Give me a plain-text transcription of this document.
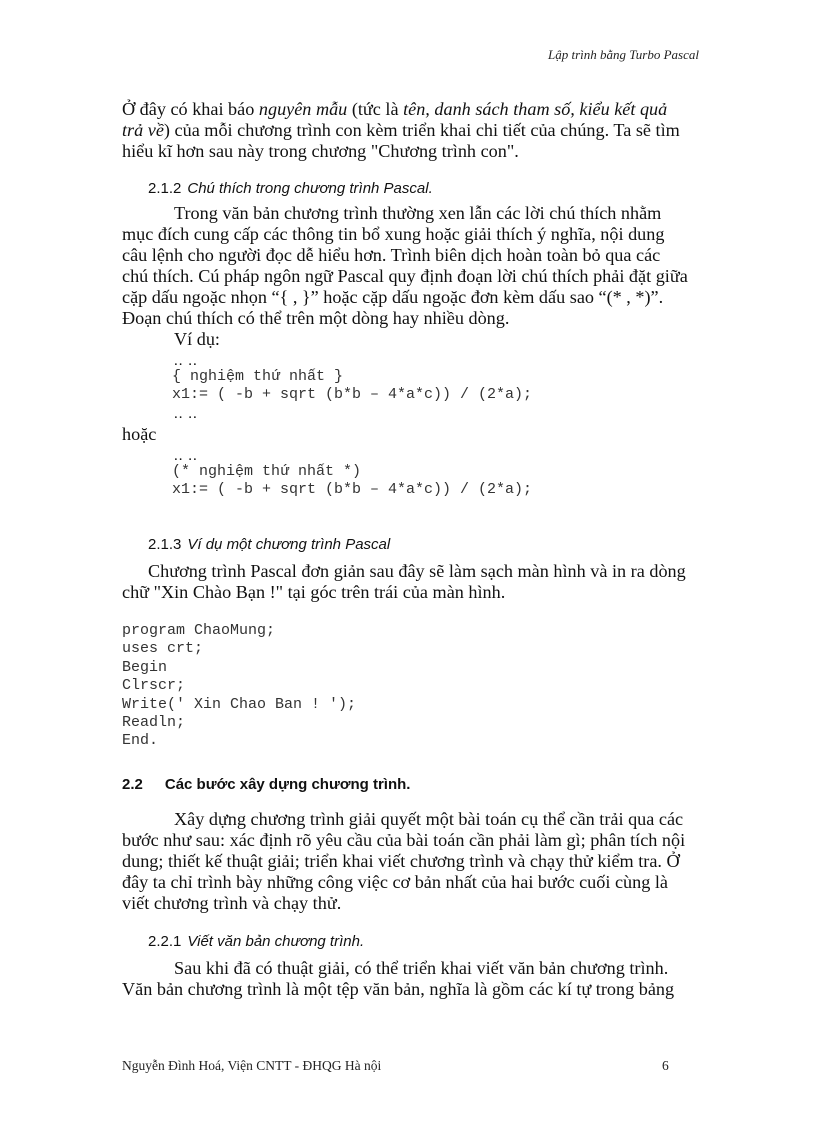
Lập trình bằng Turbo Pascal
Ở đây có khai báo nguyên mẫu (tức là tên, danh sách tham số, kiểu kết quả
trả về) của mỗi chương trình con kèm triển khai chi tiết của chúng. Ta sẽ tìm
hiểu kĩ hơn sau này trong chương "Chương trình con".
2.1.2 Chú thích trong chương trình Pascal.
Trong văn bản chương trình thường xen lẫn các lời chú thích nhằm
mục đích cung cấp các thông tin bổ xung hoặc giải thích ý nghĩa, nội dung
câu lệnh cho người đọc dễ hiểu hơn. Trình biên dịch hoàn toàn bỏ qua các
chú thích. Cú pháp ngôn ngữ Pascal quy định đoạn lời chú thích phải đặt giữa
cặp dấu ngoặc nhọn “{ , }” hoặc cặp dấu ngoặc đơn kèm dấu sao “(* , *)”.
Đoạn chú thích có thể trên một dòng hay nhiều dòng.
Ví dụ:
.. ..
{ nghiệm thứ nhất }
x1:= ( -b + sqrt (b*b – 4*a*c)) / (2*a);
.. ..
hoặc
.. ..
(* nghiệm thứ nhất *)
x1:= ( -b + sqrt (b*b – 4*a*c)) / (2*a);
2.1.3 Ví dụ một chương trình Pascal
Chương trình Pascal đơn giản sau đây sẽ làm sạch màn hình và in ra dòng
chữ "Xin Chào Bạn !" tại góc trên trái của màn hình.
program ChaoMung;
uses crt;
Begin
Clrscr;
Write(' Xin Chao Ban ! ');
Readln;
End.
2.2 Các bước xây dựng chương trình.
Xây dựng chương trình giải quyết một bài toán cụ thể cần trải qua các
bước như sau: xác định rõ yêu cầu của bài toán cần phải làm gì; phân tích nội
dung; thiết kế thuật giải; triển khai viết chương trình và chạy thử kiểm tra. Ở
đây ta chỉ trình bày những công việc cơ bản nhất của hai bước cuối cùng là
viết chương trình và chạy thử.
2.2.1 Viết văn bản chương trình.
Sau khi đã có thuật giải, có thể triển khai viết văn bản chương trình.
Văn bản chương trình là một tệp văn bản, nghĩa là gồm các kí tự trong bảng
Nguyễn Đình Hoá, Viện CNTT - ĐHQG Hà nội	6
